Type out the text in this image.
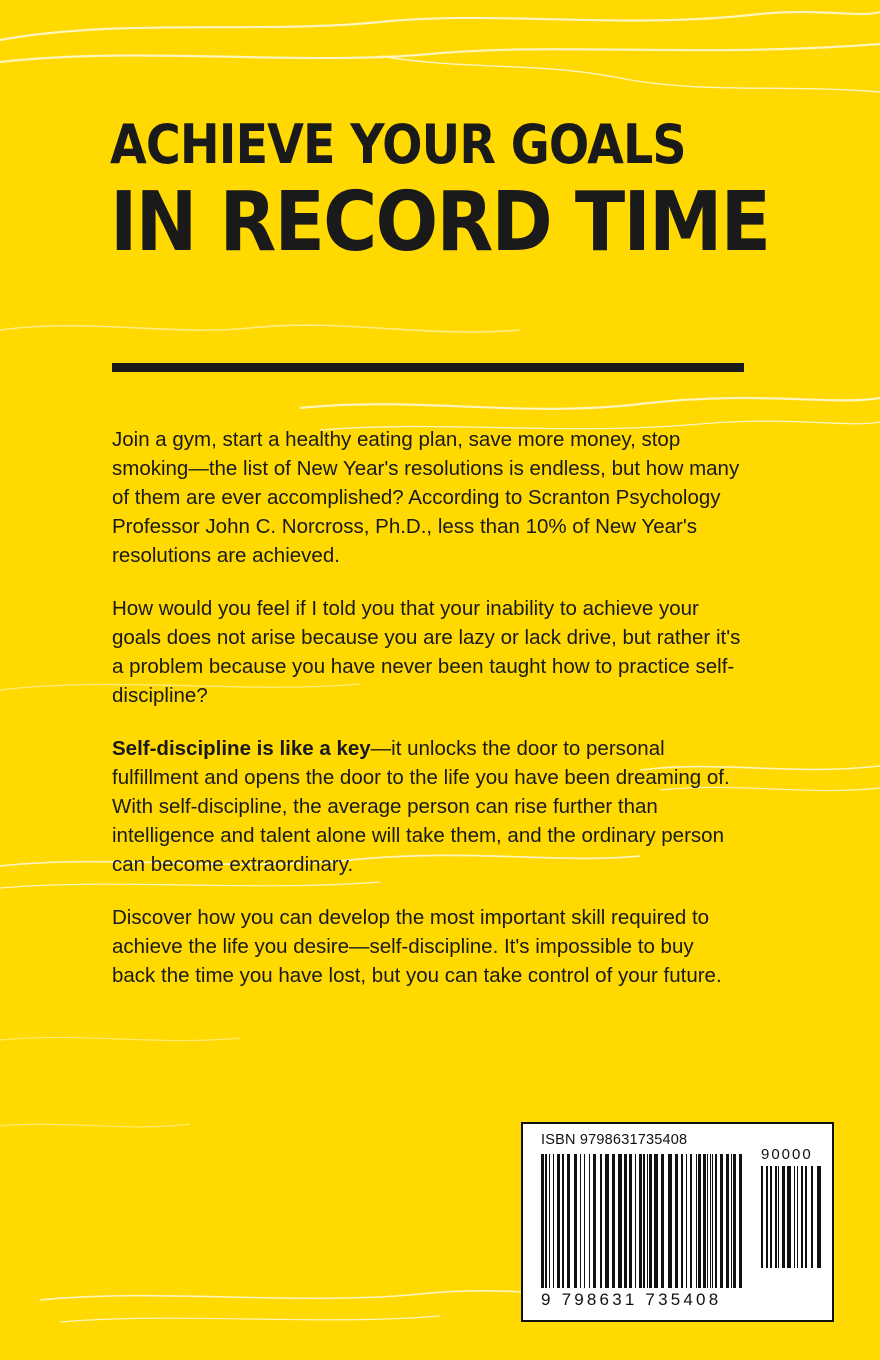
ACHIEVE YOUR GOALS
IN RECORD TIME

Join a gym, start a healthy eating plan, save more money, stop smoking—the list of New Year's resolutions is endless, but how many of them are ever accomplished? According to Scranton Psychology Professor John C. Norcross, Ph.D., less than 10% of New Year's resolutions are achieved.

How would you feel if I told you that your inability to achieve your goals does not arise because you are lazy or lack drive, but rather it's a problem because you have never been taught how to practice self-discipline?

Self-discipline is like a key—it unlocks the door to personal fulfillment and opens the door to the life you have been dreaming of. With self-discipline, the average person can rise further than intelligence and talent alone will take them, and the ordinary person can become extraordinary.

Discover how you can develop the most important skill required to achieve the life you desire—self-discipline. It's impossible to buy back the time you have lost, but you can take control of your future.

ISBN 9798631735408
90000
9 798631 735408
